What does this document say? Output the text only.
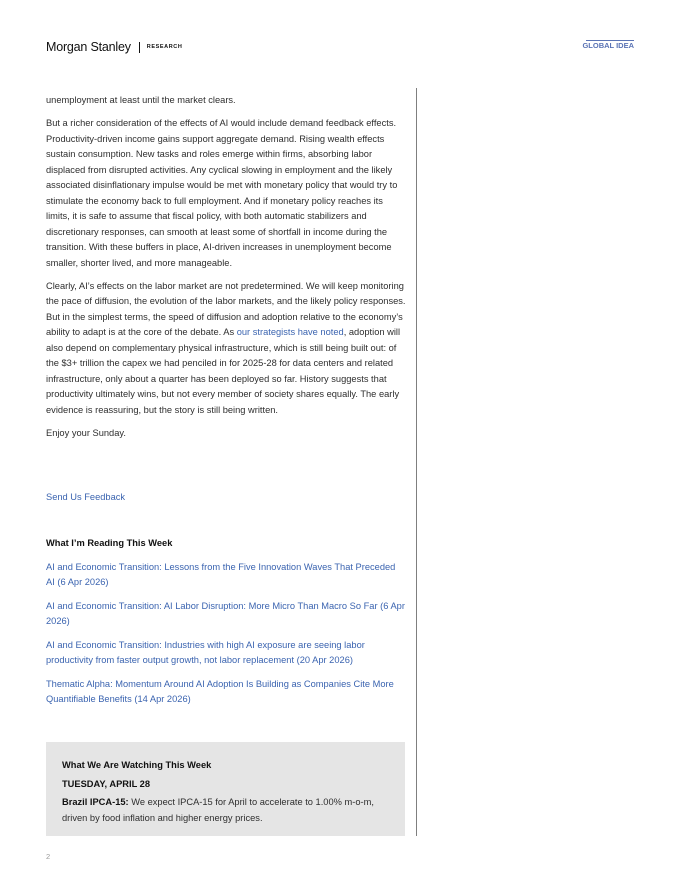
Morgan Stanley	RESEARCH	GLOBAL IDEA

unemployment at least until the market clears.

But a richer consideration of the effects of AI would include demand feedback effects. Productivity-driven income gains support aggregate demand. Rising wealth effects sustain consumption. New tasks and roles emerge within firms, absorbing labor displaced from disrupted activities. Any cyclical slowing in employment and the likely associated disinflationary impulse would be met with monetary policy that would try to stimulate the economy back to full employment. And if monetary policy reaches its limits, it is safe to assume that fiscal policy, with both automatic stabilizers and discretionary responses, can smooth at least some of shortfall in income during the transition. With these buffers in place, AI-driven increases in unemployment become smaller, shorter lived, and more manageable.

Clearly, AI’s effects on the labor market are not predetermined. We will keep monitoring the pace of diffusion, the evolution of the labor markets, and the likely policy responses. But in the simplest terms, the speed of diffusion and adoption relative to the economy’s ability to adapt is at the core of the debate. As our strategists have noted, adoption will also depend on complementary physical infrastructure, which is still being built out: of the $3+ trillion the capex we had penciled in for 2025-28 for data centers and related infrastructure, only about a quarter has been deployed so far. History suggests that productivity ultimately wins, but not every member of society shares equally. The early evidence is reassuring, but the story is still being written.

Enjoy your Sunday.

Send Us Feedback
What I’m Reading This Week
AI and Economic Transition: Lessons from the Five Innovation Waves That Preceded AI (6 Apr 2026)
AI and Economic Transition: AI Labor Disruption: More Micro Than Macro So Far (6 Apr 2026)
AI and Economic Transition: Industries with high AI exposure are seeing labor productivity from faster output growth, not labor replacement (20 Apr 2026)
Thematic Alpha: Momentum Around AI Adoption Is Building as Companies Cite More Quantifiable Benefits (14 Apr 2026)
What We Are Watching This Week
TUESDAY, APRIL 28
Brazil IPCA-15: We expect IPCA-15 for April to accelerate to 1.00% m-o-m, driven by food inflation and higher energy prices.
2
